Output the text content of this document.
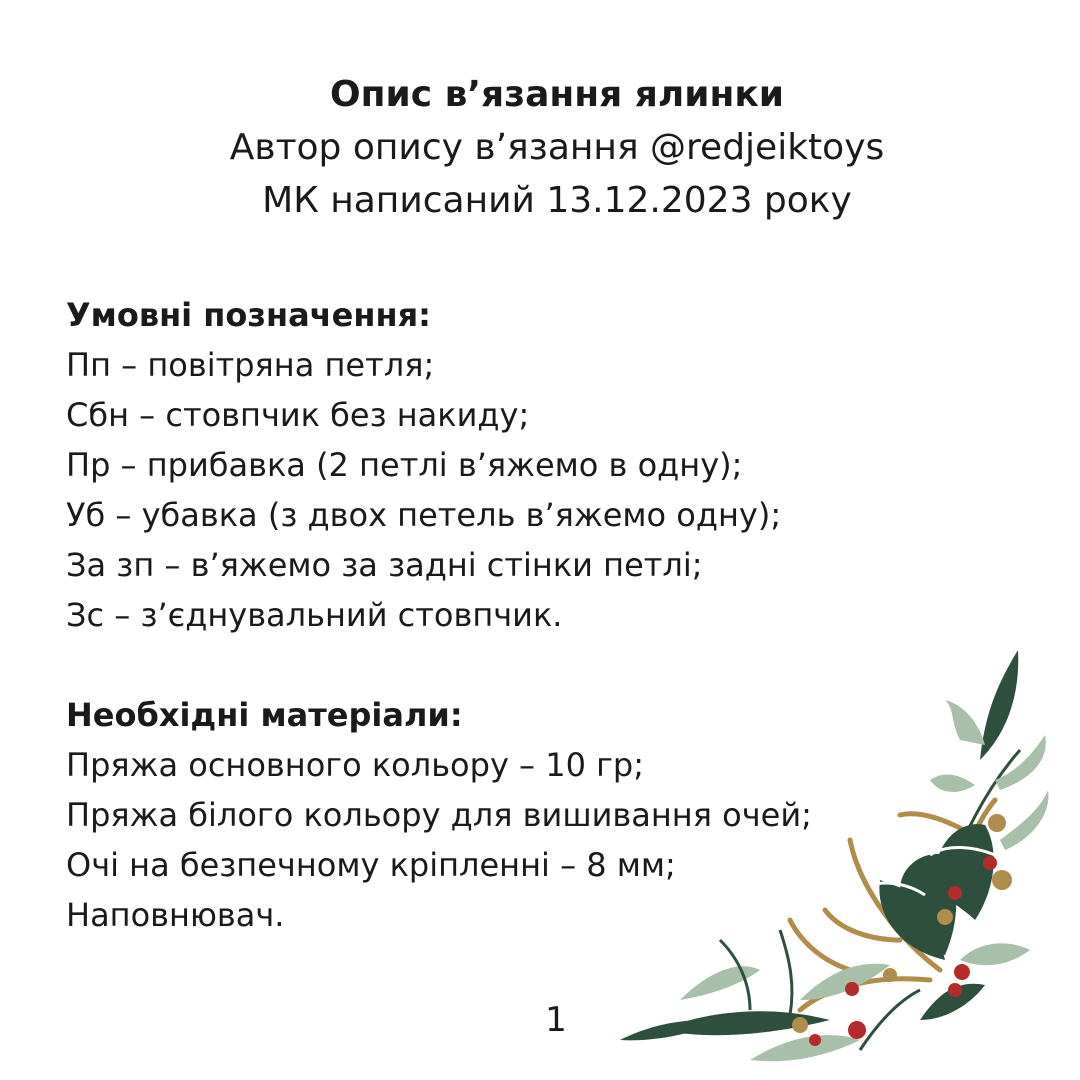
Опис в’язання ялинки
Автор опису в’язання @redjeiktoys
МК написаний 13.12.2023 року
Умовні позначення:
Пп – повітряна петля;
Сбн – стовпчик без накиду;
Пр – прибавка (2 петлі в’яжемо в одну);
Уб – убавка (з двох петель в’яжемо одну);
За зп – в’яжемо за задні стінки петлі;
Зс – з’єднувальний стовпчик.
Необхідні матеріали:
Пряжа основного кольору – 10 гр;
Пряжа білого кольору для вишивання очей;
Очі на безпечному кріпленні – 8 мм;
Наповнювач.
1
